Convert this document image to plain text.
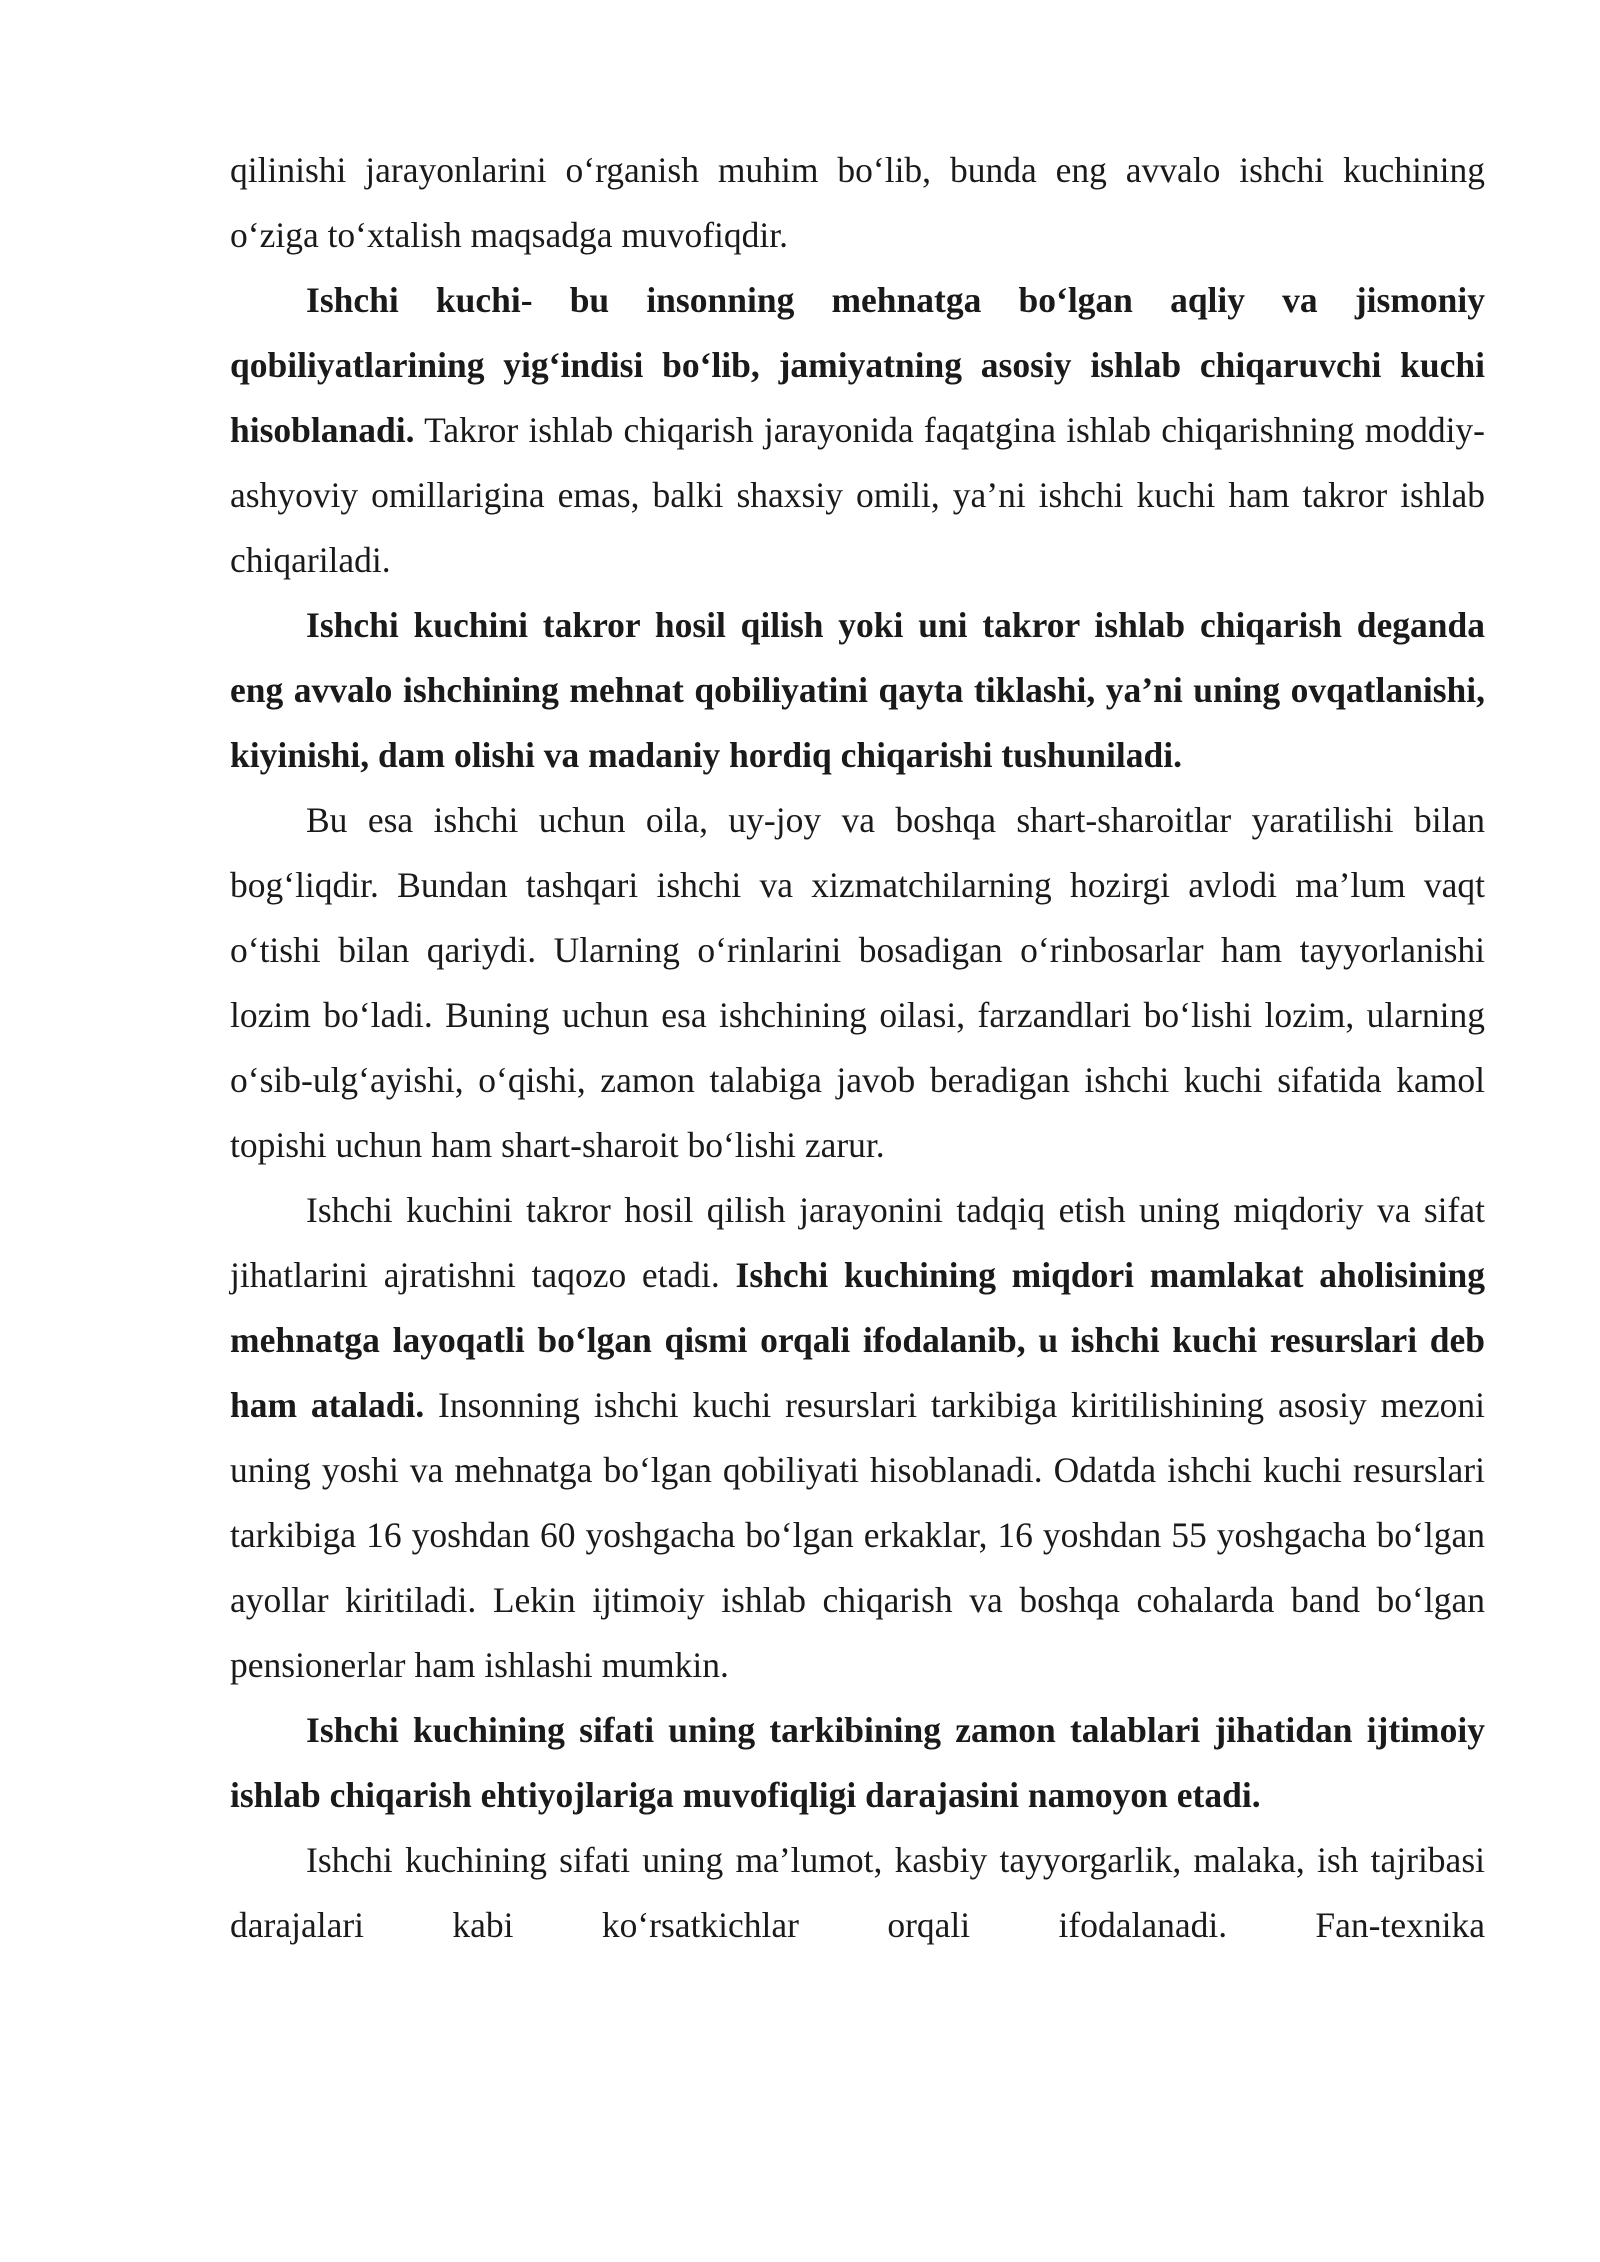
qilinishi jarayonlarini o‘rganish muhim bo‘lib, bunda eng avvalo ishchi kuchining o‘ziga to‘xtalish maqsadga muvofiqdir.

Ishchi kuchi- bu insonning mehnatga bo‘lgan aqliy va jismoniy qobiliyatlarining yig‘indisi bo‘lib, jamiyatning asosiy ishlab chiqaruvchi kuchi hisoblanadi. Takror ishlab chiqarish jarayonida faqatgina ishlab chiqarishning moddiy-ashyoviy omillarigina emas, balki shaxsiy omili, ya’ni ishchi kuchi ham takror ishlab chiqariladi.

Ishchi kuchini takror hosil qilish yoki uni takror ishlab chiqarish deganda eng avvalo ishchining mehnat qobiliyatini qayta tiklashi, ya’ni uning ovqatlanishi, kiyinishi, dam olishi va madaniy hordiq chiqarishi tushuniladi.

Bu esa ishchi uchun oila, uy-joy va boshqa shart-sharoitlar yaratilishi bilan bog‘liqdir. Bundan tashqari ishchi va xizmatchilarning hozirgi avlodi ma’lum vaqt o‘tishi bilan qariydi. Ularning o‘rinlarini bosadigan o‘rinbosarlar ham tayyorlanishi lozim bo‘ladi. Buning uchun esa ishchining oilasi, farzandlari bo‘lishi lozim, ularning o‘sib-ulg‘ayishi, o‘qishi, zamon talabiga javob beradigan ishchi kuchi sifatida kamol topishi uchun ham shart-sharoit bo‘lishi zarur.

Ishchi kuchini takror hosil qilish jarayonini tadqiq etish uning miqdoriy va sifat jihatlarini ajratishni taqozo etadi. Ishchi kuchining miqdori mamlakat aholisining mehnatga layoqatli bo‘lgan qismi orqali ifodalanib, u ishchi kuchi resurslari deb ham ataladi. Insonning ishchi kuchi resurslari tarkibiga kiritilishining asosiy mezoni uning yoshi va mehnatga bo‘lgan qobiliyati hisoblanadi. Odatda ishchi kuchi resurslari tarkibiga 16 yoshdan 60 yoshgacha bo‘lgan erkaklar, 16 yoshdan 55 yoshgacha bo‘lgan ayollar kiritiladi. Lekin ijtimoiy ishlab chiqarish va boshqa cohalarda band bo‘lgan pensionerlar ham ishlashi mumkin.

Ishchi kuchining sifati uning tarkibining zamon talablari jihatidan ijtimoiy ishlab chiqarish ehtiyojlariga muvofiqligi darajasini namoyon etadi.

Ishchi kuchining sifati uning ma’lumot, kasbiy tayyorgarlik, malaka, ish tajribasi darajalari kabi ko‘rsatkichlar orqali ifodalanadi. Fan-texnika
